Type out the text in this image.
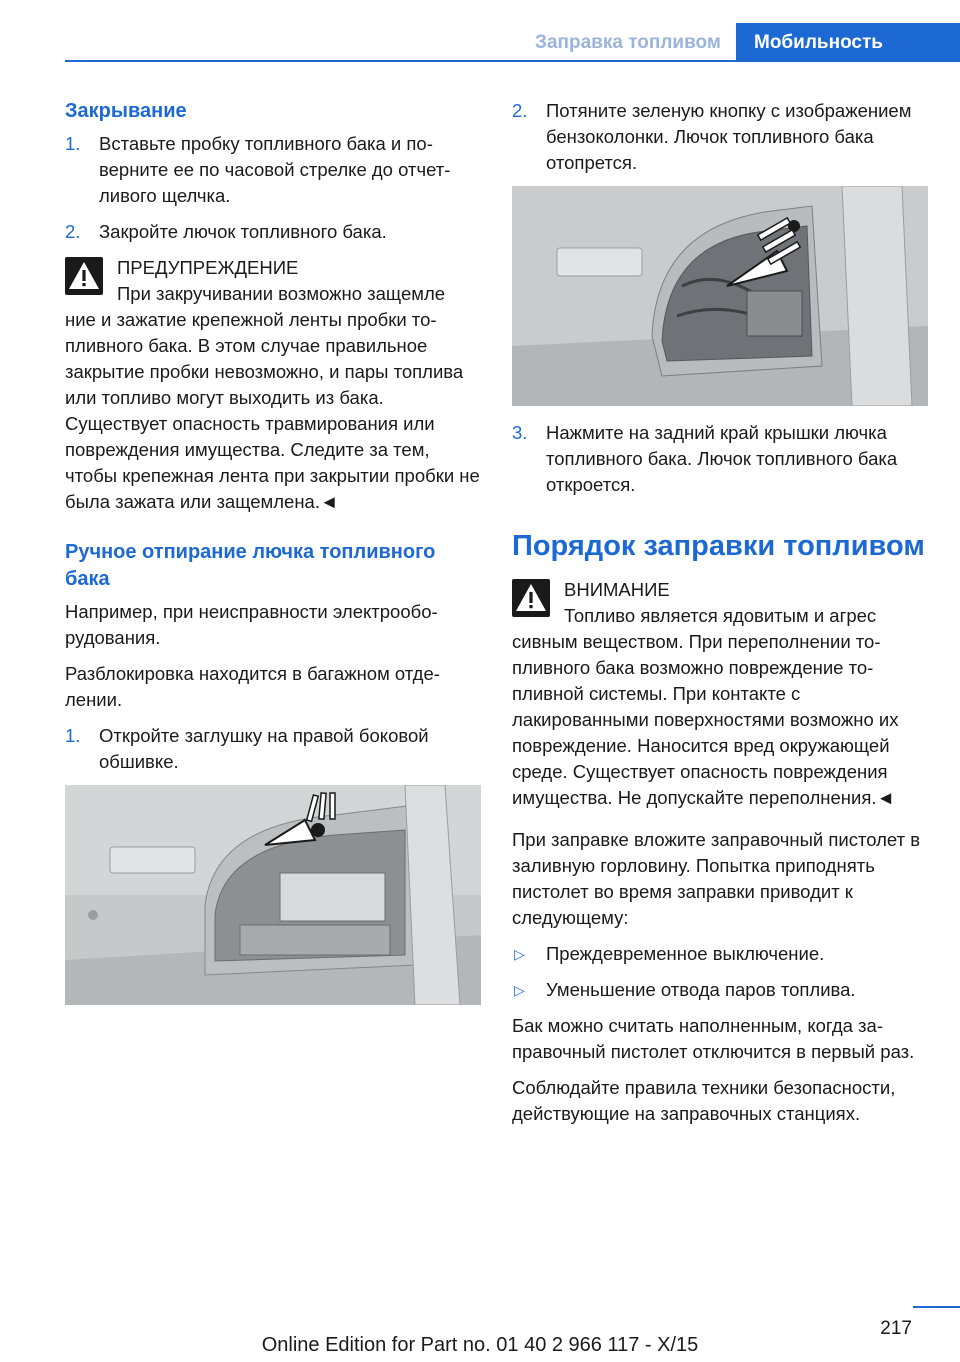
Заправка топливом	Мобильность
Закрывание
1. Вставьте пробку топливного бака и поверните ее по часовой стрелке до отчетливого щелчка.
2. Закройте лючок топливного бака.
ПРЕДУПРЕЖДЕНИЕ
При закручивании возможно защемле
ние и зажатие крепежной ленты пробки топливного бака. В этом случае правильное закрытие пробки невозможно, и пары топлива или топливо могут выходить из бака. Существует опасность травмирования или повреждения имущества. Следите за тем, чтобы крепежная лента при закрытии пробки не была зажата или защемлена.◄
Ручное отпирание лючка топливного бака
Например, при неисправности электрооборудования.
Разблокировка находится в багажном отделении.
1. Откройте заглушку на правой боковой обшивке.
2. Потяните зеленую кнопку с изображением бензоколонки. Лючок топливного бака отопрется.
3. Нажмите на задний край крышки лючка топливного бака. Лючок топливного бака откроется.
Порядок заправки топливом
ВНИМАНИЕ
Топливо является ядовитым и агрес
сивным веществом. При переполнении топливного бака возможно повреждение топливной системы. При контакте с лакированными поверхностями возможно их повреждение. Наносится вред окружающей среде. Существует опасность повреждения имущества. Не допускайте переполнения.◄
При заправке вложите заправочный пистолет в заливную горловину. Попытка приподнять пистолет во время заправки приводит к следующему:
▷ Преждевременное выключение.
▷ Уменьшение отвода паров топлива.
Бак можно считать наполненным, когда заправочный пистолет отключится в первый раз.
Соблюдайте правила техники безопасности, действующие на заправочных станциях.
217
Online Edition for Part no. 01 40 2 966 117 - X/15
